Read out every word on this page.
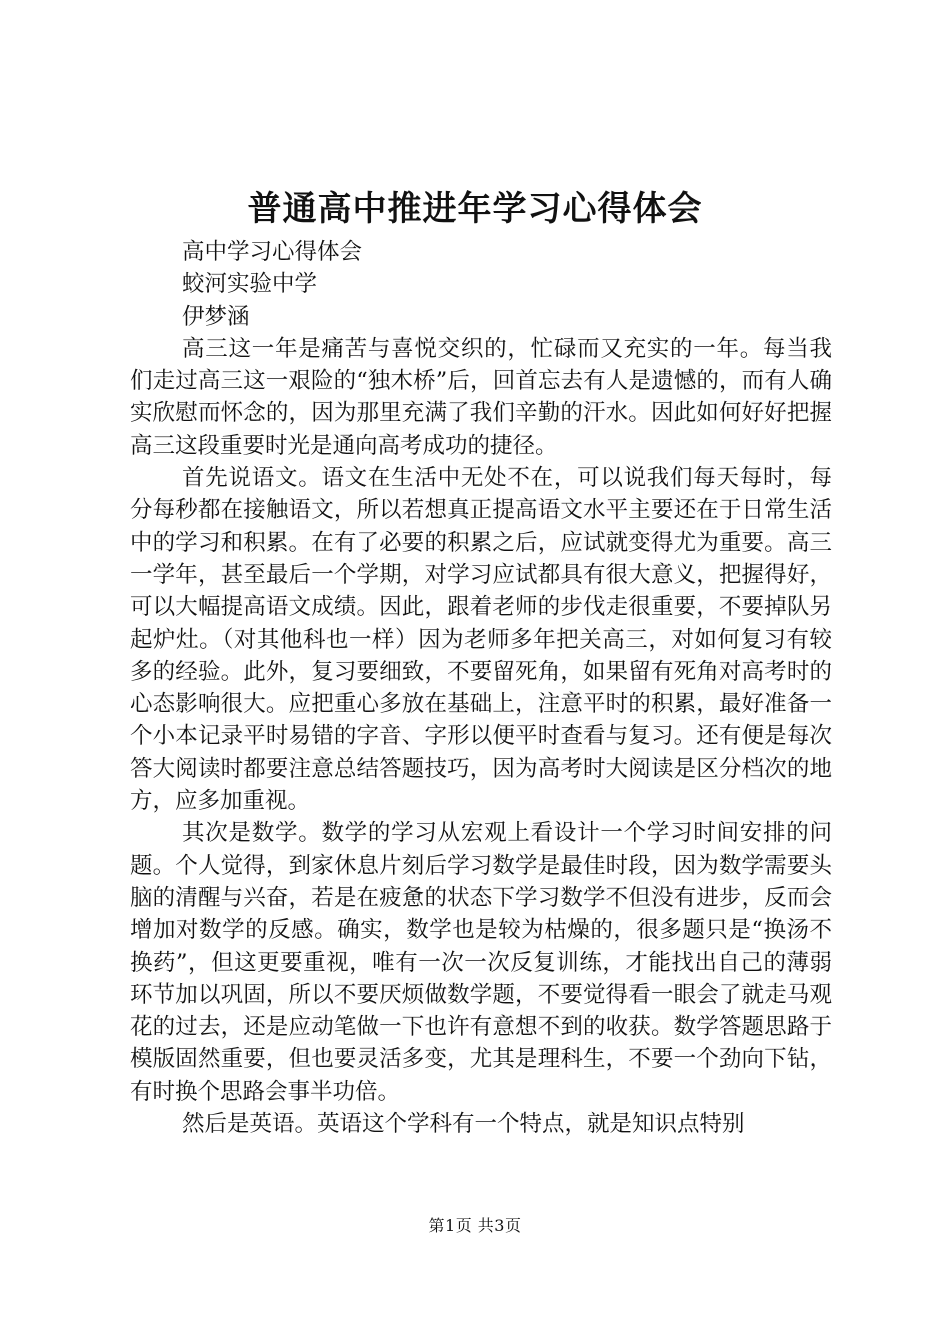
普通高中推进年学习心得体会

高中学习心得体会

蛟河实验中学

伊梦涵

高三这一年是痛苦与喜悦交织的，忙碌而又充实的一年。每当我们走过高三这一艰险的“独木桥”后，回首忘去有人是遗憾的，而有人确实欣慰而怀念的，因为那里充满了我们辛勤的汗水。因此如何好好把握高三这段重要时光是通向高考成功的捷径。

首先说语文。语文在生活中无处不在，可以说我们每天每时，每分每秒都在接触语文，所以若想真正提高语文水平主要还在于日常生活中的学习和积累。在有了必要的积累之后，应试就变得尤为重要。高三一学年，甚至最后一个学期，对学习应试都具有很大意义，把握得好，可以大幅提高语文成绩。因此，跟着老师的步伐走很重要，不要掉队另起炉灶。（对其他科也一样）因为老师多年把关高三，对如何复习有较多的经验。此外，复习要细致，不要留死角，如果留有死角对高考时的心态影响很大。应把重心多放在基础上，注意平时的积累，最好准备一个小本记录平时易错的字音、字形以便平时查看与复习。还有便是每次答大阅读时都要注意总结答题技巧，因为高考时大阅读是区分档次的地方，应多加重视。

其次是数学。数学的学习从宏观上看设计一个学习时间安排的问题。个人觉得，到家休息片刻后学习数学是最佳时段，因为数学需要头脑的清醒与兴奋，若是在疲惫的状态下学习数学不但没有进步，反而会增加对数学的反感。确实，数学也是较为枯燥的，很多题只是“换汤不换药”，但这更要重视，唯有一次一次反复训练，才能找出自己的薄弱环节加以巩固，所以不要厌烦做数学题，不要觉得看一眼会了就走马观花的过去，还是应动笔做一下也许有意想不到的收获。数学答题思路于模版固然重要，但也要灵活多变，尤其是理科生，不要一个劲向下钻，有时换个思路会事半功倍。

然后是英语。英语这个学科有一个特点，就是知识点特别

第1页 共3页
